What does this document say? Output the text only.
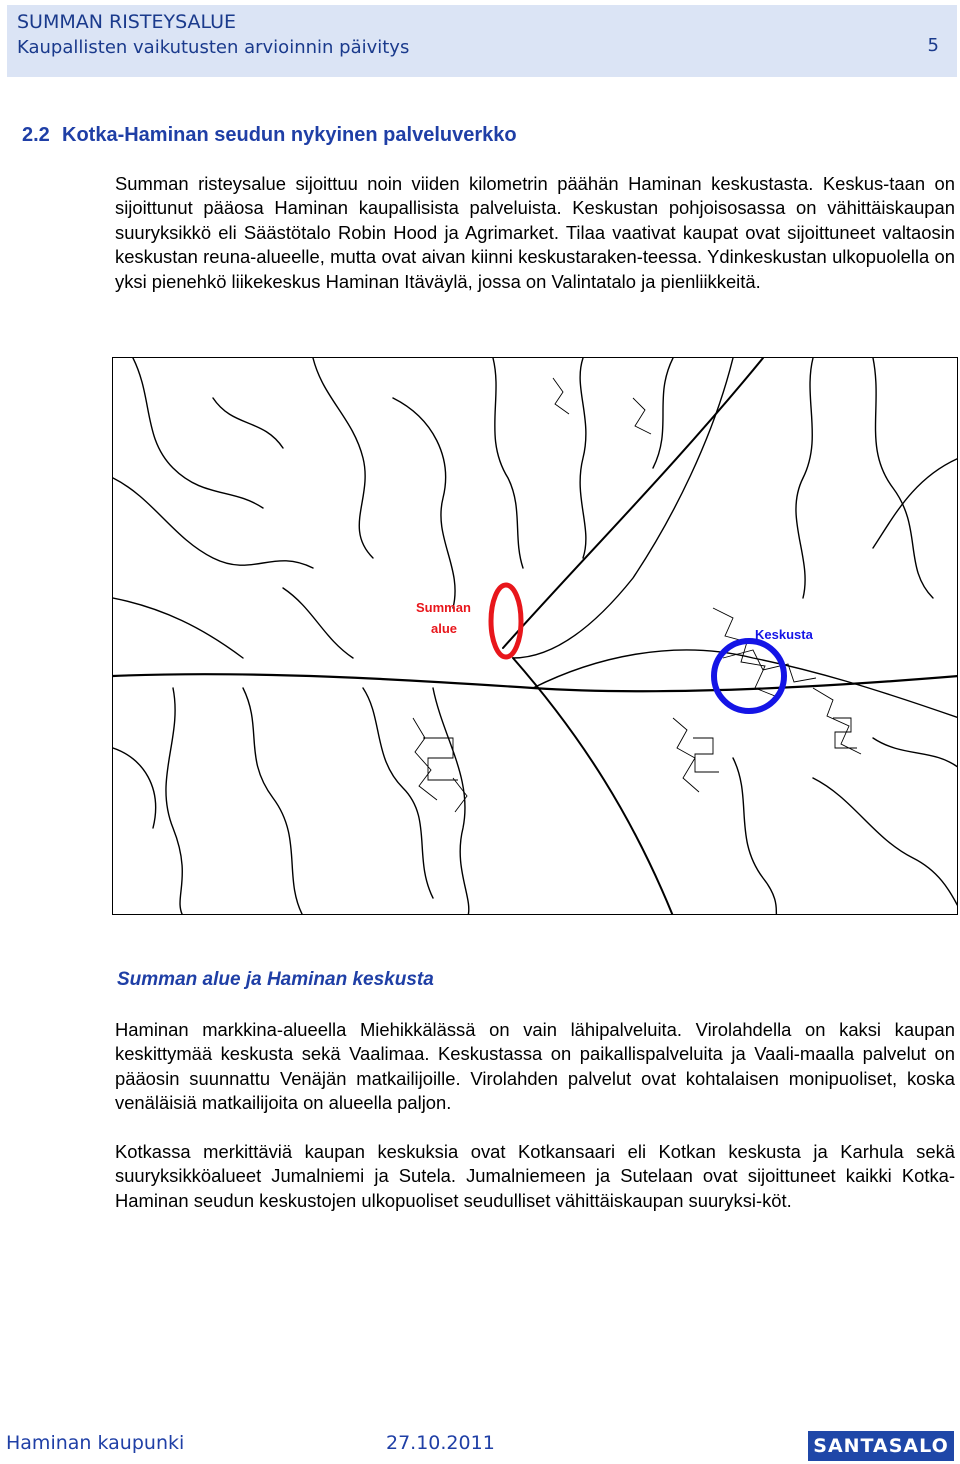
SUMMAN RISTEYSALUE
Kaupallisten vaikutusten arvioinnin päivitys	5
2.2 Kotka-Haminan seudun nykyinen palveluverkko

Summan risteysalue sijoittuu noin viiden kilometrin päähän Haminan keskustasta. Keskus-taan on sijoittunut pääosa Haminan kaupallisista palveluista. Keskustan pohjoisosassa on vähittäiskaupan suuryksikkö eli Säästötalo Robin Hood ja Agrimarket. Tilaa vaativat kaupat ovat sijoittuneet valtaosin keskustan reuna-alueelle, mutta ovat aivan kiinni keskustaraken-teessa. Ydinkeskustan ulkopuolella on yksi pienehkö liikekeskus Haminan Itäväylä, jossa on Valintatalo ja pienliikkeitä.

Summan
alue	Keskusta

Summan alue ja Haminan keskusta

Haminan markkina-alueella Miehikkälässä on vain lähipalveluita. Virolahdella on kaksi kaupan keskittymää keskusta sekä Vaalimaa. Keskustassa on paikallispalveluita ja Vaali-maalla palvelut on pääosin suunnattu Venäjän matkailijoille. Virolahden palvelut ovat kohtalaisen monipuoliset, koska venäläisiä matkailijoita on alueella paljon.

Kotkassa merkittäviä kaupan keskuksia ovat Kotkansaari eli Kotkan keskusta ja Karhula sekä suuryksikköalueet Jumalniemi ja Sutela. Jumalniemeen ja Sutelaan ovat sijoittuneet kaikki Kotka-Haminan seudun keskustojen ulkopuoliset seudulliset vähittäiskaupan suuryksi-köt.

Haminan kaupunki	27.10.2011	SANTASALO
